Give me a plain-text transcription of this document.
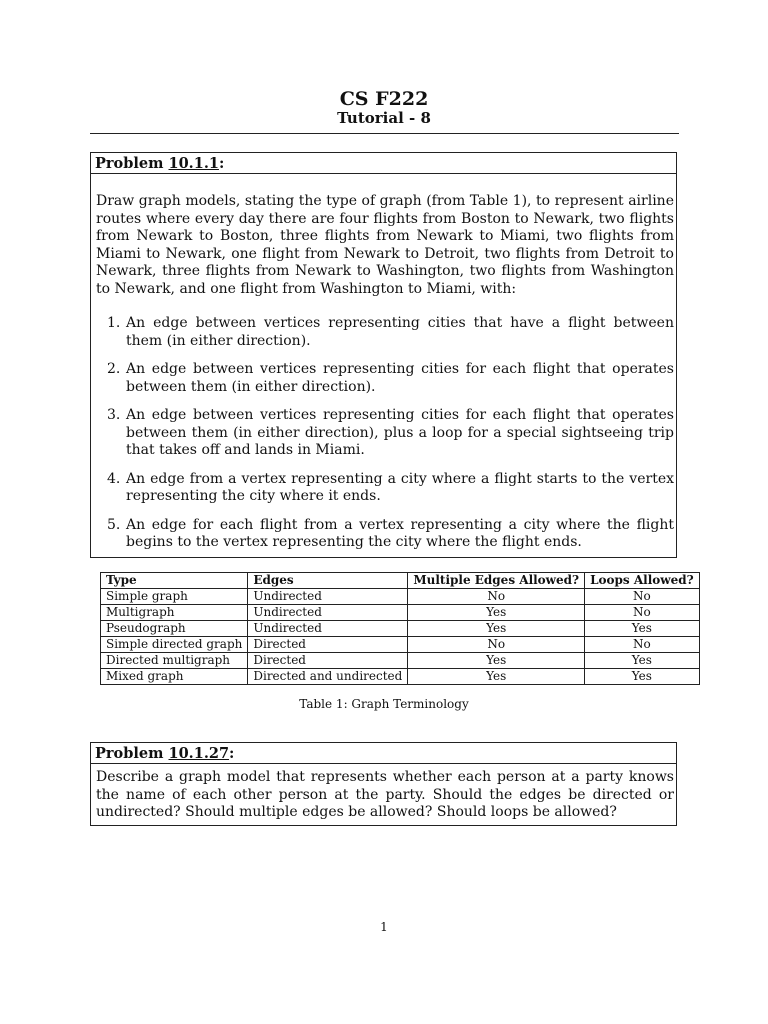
CS F222
Tutorial - 8
Problem 10.1.1:
Draw graph models, stating the type of graph (from Table 1), to represent airline routes where every day there are four flights from Boston to Newark, two flights from Newark to Boston, three flights from Newark to Miami, two flights from Miami to Newark, one flight from Newark to Detroit, two flights from Detroit to Newark, three flights from Newark to Washington, two flights from Washington to Newark, and one flight from Washington to Miami, with:
1. An edge between vertices representing cities that have a flight between them (in either direction).
2. An edge between vertices representing cities for each flight that operates between them (in either direction).
3. An edge between vertices representing cities for each flight that operates between them (in either direction), plus a loop for a special sightseeing trip that takes off and lands in Miami.
4. An edge from a vertex representing a city where a flight starts to the vertex representing the city where it ends.
5. An edge for each flight from a vertex representing a city where the flight begins to the vertex representing the city where the flight ends.
Type	Edges	Multiple Edges Allowed?	Loops Allowed?
Simple graph	Undirected	No	No
Multigraph	Undirected	Yes	No
Pseudograph	Undirected	Yes	Yes
Simple directed graph	Directed	No	No
Directed multigraph	Directed	Yes	Yes
Mixed graph	Directed and undirected	Yes	Yes
Table 1: Graph Terminology
Problem 10.1.27:
Describe a graph model that represents whether each person at a party knows the name of each other person at the party. Should the edges be directed or undirected? Should multiple edges be allowed? Should loops be allowed?
1
